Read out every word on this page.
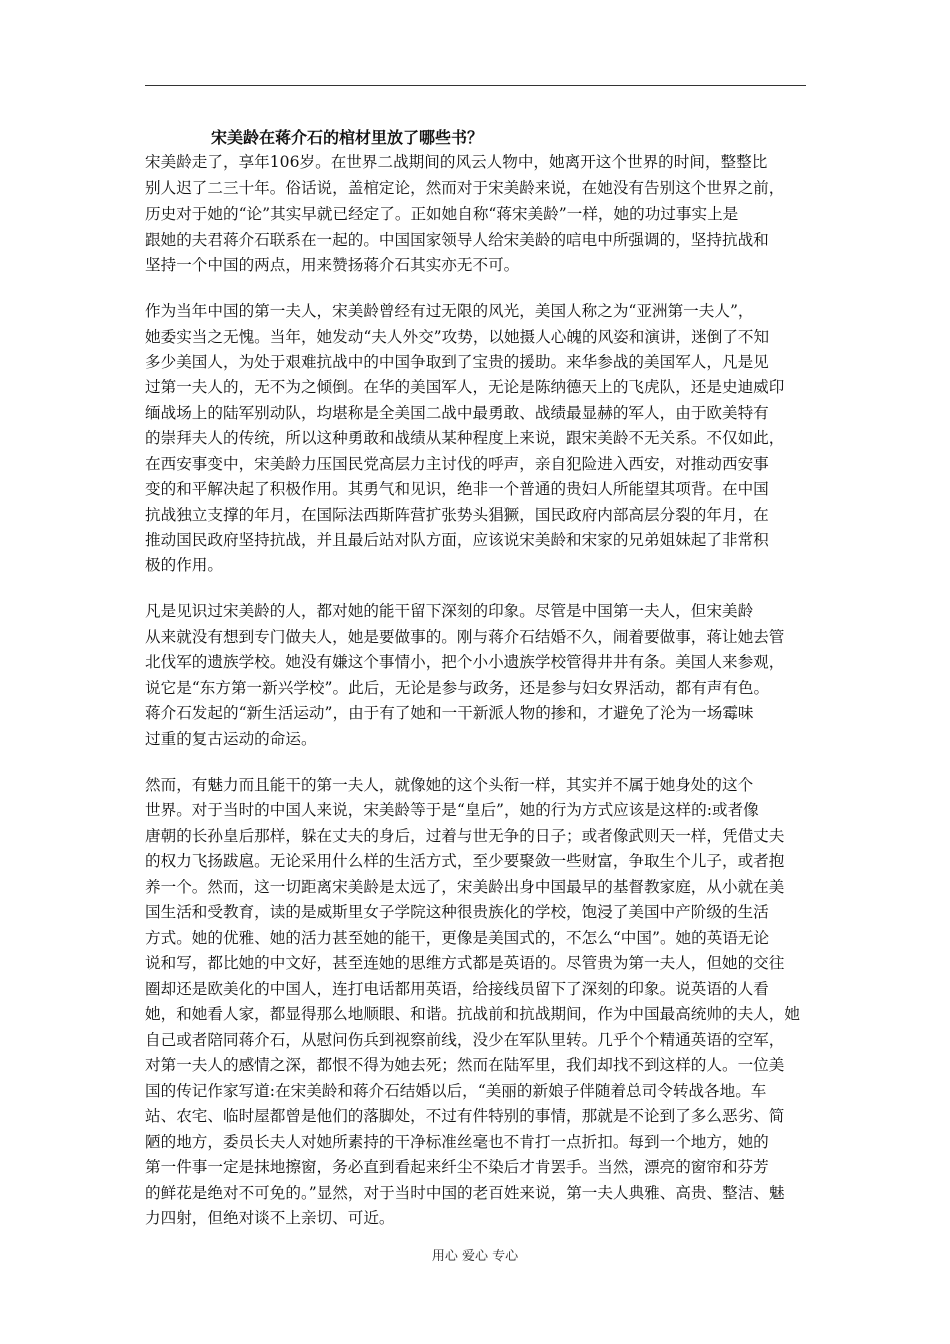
宋美龄在蒋介石的棺材里放了哪些书？
宋美龄走了，享年106岁。在世界二战期间的风云人物中，她离开这个世界的时间，整整比
别人迟了二三十年。俗话说，盖棺定论，然而对于宋美龄来说，在她没有告别这个世界之前，
历史对于她的“论”其实早就已经定了。正如她自称“蒋宋美龄”一样，她的功过事实上是
跟她的夫君蒋介石联系在一起的。中国国家领导人给宋美龄的唁电中所强调的，坚持抗战和
坚持一个中国的两点，用来赞扬蒋介石其实亦无不可。
作为当年中国的第一夫人，宋美龄曾经有过无限的风光，美国人称之为“亚洲第一夫人”，
她委实当之无愧。当年，她发动“夫人外交”攻势，以她摄人心魄的风姿和演讲，迷倒了不知
多少美国人，为处于艰难抗战中的中国争取到了宝贵的援助。来华参战的美国军人，凡是见
过第一夫人的，无不为之倾倒。在华的美国军人，无论是陈纳德天上的飞虎队，还是史迪威印
缅战场上的陆军别动队，均堪称是全美国二战中最勇敢、战绩最显赫的军人，由于欧美特有
的崇拜夫人的传统，所以这种勇敢和战绩从某种程度上来说，跟宋美龄不无关系。不仅如此，
在西安事变中，宋美龄力压国民党高层力主讨伐的呼声，亲自犯险进入西安，对推动西安事
变的和平解决起了积极作用。其勇气和见识，绝非一个普通的贵妇人所能望其项背。在中国
抗战独立支撑的年月，在国际法西斯阵营扩张势头猖獗，国民政府内部高层分裂的年月，在
推动国民政府坚持抗战，并且最后站对队方面，应该说宋美龄和宋家的兄弟姐妹起了非常积
极的作用。
凡是见识过宋美龄的人，都对她的能干留下深刻的印象。尽管是中国第一夫人，但宋美龄
从来就没有想到专门做夫人，她是要做事的。刚与蒋介石结婚不久，闹着要做事，蒋让她去管
北伐军的遗族学校。她没有嫌这个事情小，把个小小遗族学校管得井井有条。美国人来参观，
说它是“东方第一新兴学校”。此后，无论是参与政务，还是参与妇女界活动，都有声有色。
蒋介石发起的“新生活运动”，由于有了她和一干新派人物的掺和，才避免了沦为一场霉味
过重的复古运动的命运。
然而，有魅力而且能干的第一夫人，就像她的这个头衔一样，其实并不属于她身处的这个
世界。对于当时的中国人来说，宋美龄等于是“皇后”，她的行为方式应该是这样的:或者像
唐朝的长孙皇后那样，躲在丈夫的身后，过着与世无争的日子；或者像武则天一样，凭借丈夫
的权力飞扬跋扈。无论采用什么样的生活方式，至少要聚敛一些财富，争取生个儿子，或者抱
养一个。然而，这一切距离宋美龄是太远了，宋美龄出身中国最早的基督教家庭，从小就在美
国生活和受教育，读的是威斯里女子学院这种很贵族化的学校，饱浸了美国中产阶级的生活
方式。她的优雅、她的活力甚至她的能干，更像是美国式的，不怎么“中国”。她的英语无论
说和写，都比她的中文好，甚至连她的思维方式都是英语的。尽管贵为第一夫人，但她的交往
圈却还是欧美化的中国人，连打电话都用英语，给接线员留下了深刻的印象。说英语的人看
她，和她看人家，都显得那么地顺眼、和谐。抗战前和抗战期间，作为中国最高统帅的夫人，她
自己或者陪同蒋介石，从慰问伤兵到视察前线，没少在军队里转。几乎个个精通英语的空军，
对第一夫人的感情之深，都恨不得为她去死；然而在陆军里，我们却找不到这样的人。一位美
国的传记作家写道:在宋美龄和蒋介石结婚以后，“美丽的新娘子伴随着总司令转战各地。车
站、农宅、临时屋都曾是他们的落脚处，不过有件特别的事情，那就是不论到了多么恶劣、简
陋的地方，委员长夫人对她所素持的干净标准丝毫也不肯打一点折扣。每到一个地方，她的
第一件事一定是抹地擦窗，务必直到看起来纤尘不染后才肯罢手。当然，漂亮的窗帘和芬芳
的鲜花是绝对不可免的。”显然，对于当时中国的老百姓来说，第一夫人典雅、高贵、整洁、魅
力四射，但绝对谈不上亲切、可近。
用心 爱心 专心
